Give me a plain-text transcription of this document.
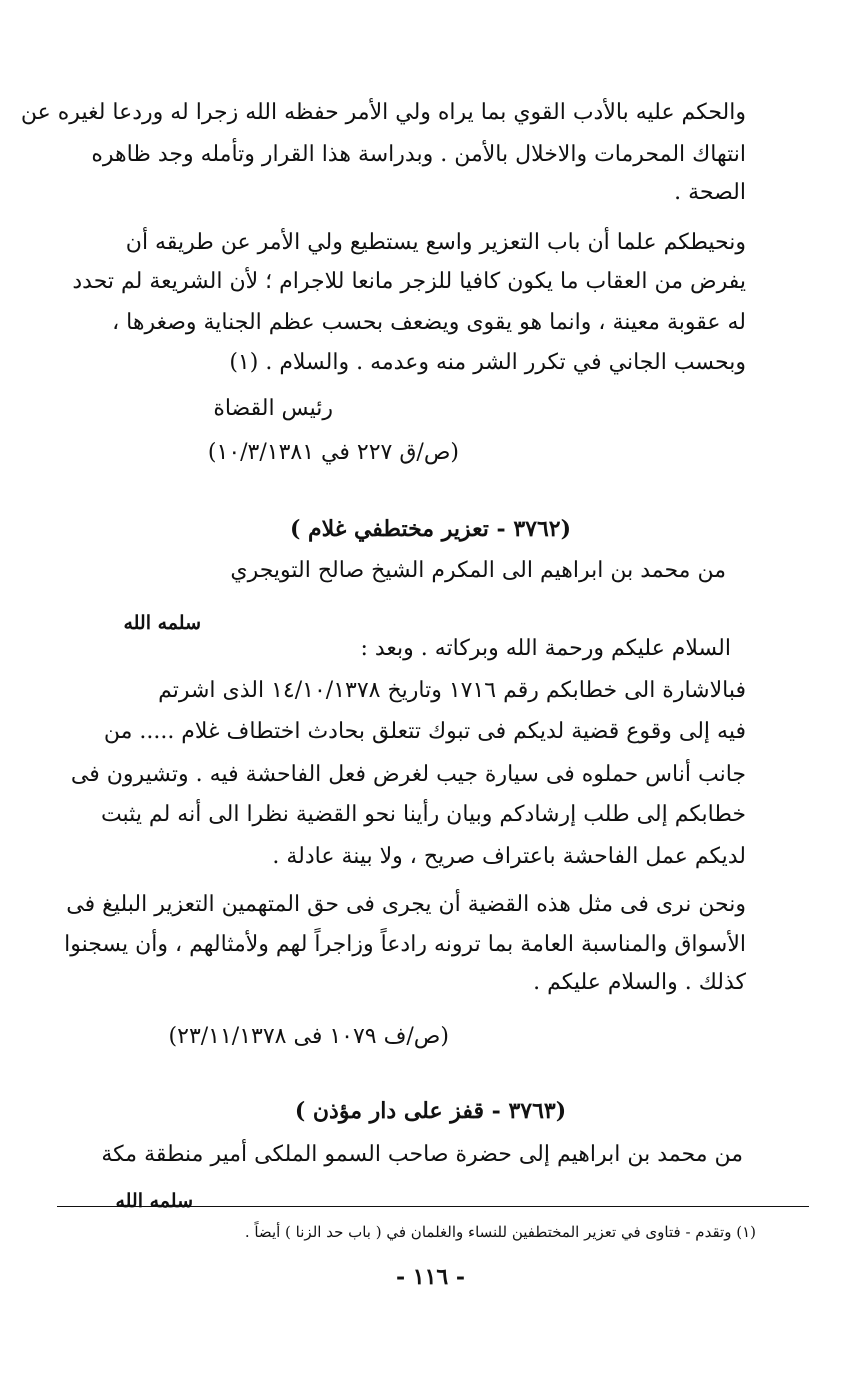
والحكم عليه بالأدب القوي بما يراه ولي الأمر حفظه الله زجرا له وردعا لغيره عن
انتهاك المحرمات والاخلال بالأمن . وبدراسة هذا القرار وتأمله وجد ظاهره
الصحة .
ونحيطكم علما أن باب التعزير واسع يستطيع ولي الأمر عن طريقه أن
يفرض من العقاب ما يكون كافيا للزجر مانعا للاجرام ؛ لأن الشريعة لم تحدد
له عقوبة معينة ، وانما هو يقوى ويضعف بحسب عظم الجناية وصغرها ،
وبحسب الجاني في تكرر الشر منه وعدمه . والسلام . (١)
رئيس القضاة
(ص/ق ٢٢٧ في ١٠/٣/١٣٨١)
(٣٧٦٢ - تعزير مختطفي غلام )
من محمد بن ابراهيم الى المكرم الشيخ صالح التويجري
سلمه الله
السلام عليكم ورحمة الله وبركاته . وبعد :
فبالاشارة الى خطابكم رقم ١٧١٦ وتاريخ ١٤/١٠/١٣٧٨ الذى اشرتم
فيه إلى وقوع قضية لديكم فى تبوك تتعلق بحادث اختطاف غلام ..... من
جانب أناس حملوه فى سيارة جيب لغرض فعل الفاحشة فيه . وتشيرون فى
خطابكم إلى طلب إرشادكم وبيان رأينا نحو القضية نظرا الى أنه لم يثبت
لديكم عمل الفاحشة باعتراف صريح ، ولا بينة عادلة .
ونحن نرى فى مثل هذه القضية أن يجرى فى حق المتهمين التعزير البليغ فى
الأسواق والمناسبة العامة بما ترونه رادعاً وزاجراً لهم ولأمثالهم ، وأن يسجنوا
كذلك . والسلام عليكم .
(ص/ف ١٠٧٩ فى ٢٣/١١/١٣٧٨)
(٣٧٦٣ - قفز على دار مؤذن )
من محمد بن ابراهيم إلى حضرة صاحب السمو الملكى أمير منطقة مكة
سلمه الله
(١) وتقدم - فتاوى في تعزير المختطفين للنساء والغلمان في ( باب حد الزنا ) أيضاً .
- ١١٦ -
